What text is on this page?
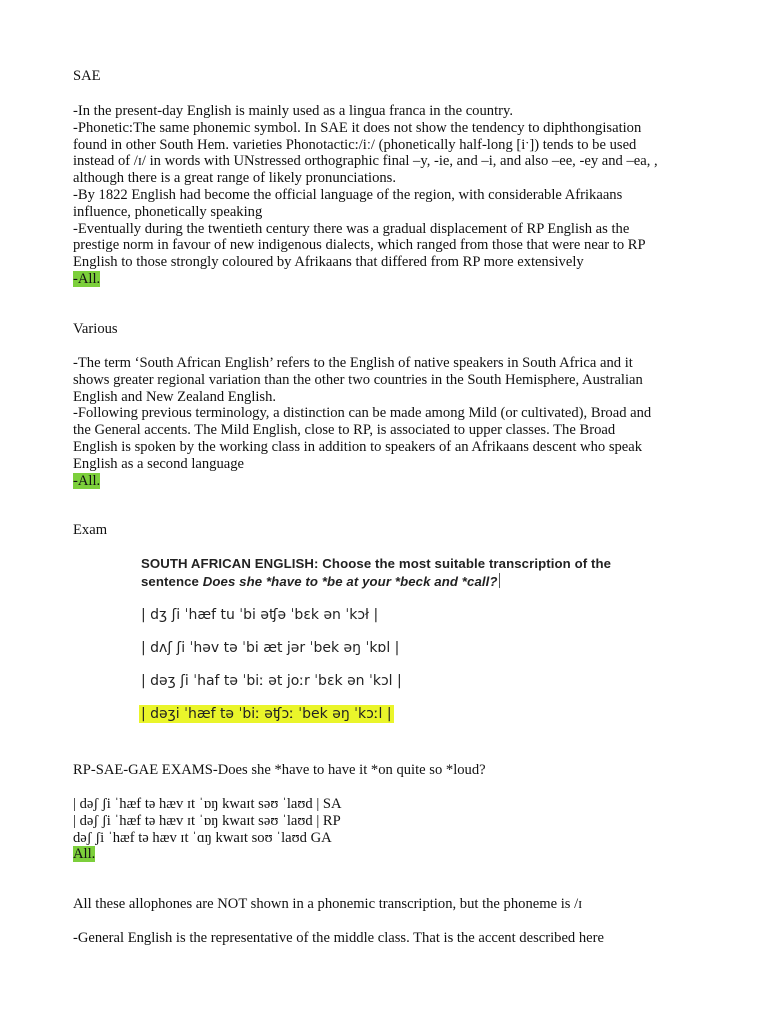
SAE

-In the present-day English is mainly used as a lingua franca in the country.

-Phonetic:The same phonemic symbol. In SAE it does not show the tendency to diphthongisation

found in other South Hem. varieties Phonotactic:/iː/ (phonetically half-long [iˑ]) tends to be used

instead of /ɪ/ in words with UNstressed orthographic final –y, -ie, and –i, and also –ee, -ey and –ea, ,

although there is a great range of likely pronunciations.

-By 1822 English had become the official language of the region, with considerable Afrikaans

influence, phonetically speaking

-Eventually during the twentieth century there was a gradual displacement of RP English as the

prestige norm in favour of new indigenous dialects, which ranged from those that were near to RP

English to those strongly coloured by Afrikaans that differed from RP more extensively

-All.

Various

-The term ‘South African English’ refers to the English of native speakers in South Africa and it

shows greater regional variation than the other two countries in the South Hemisphere, Australian

English and New Zealand English.

-Following previous terminology, a distinction can be made among Mild (or cultivated), Broad and

the General accents. The Mild English, close to RP, is associated to upper classes. The Broad

English is spoken by the working class in addition to speakers of an Afrikaans descent who speak

English as a second language

-All.

Exam

SOUTH AFRICAN ENGLISH: Choose the most suitable transcription of the
sentence Does she *have to *be at your *beck and *call?
| dʒ ʃi ˈhæf tu ˈbi əʧə ˈbɛk ən ˈkɔł |
| dʌʃ ʃi ˈhəv tə ˈbi æt jər ˈbek əŋ ˈkɒl |
| dəʒ ʃi ˈhaf tə ˈbiː ət joːr ˈbɛk ən ˈkɔl |
| dəʒi ˈhæf tə ˈbiː əʧɔː ˈbek əŋ ˈkɔːl |

RP-SAE-GAE EXAMS-Does she *have to have it *on quite so *loud?

| dəʃ ʃi ˈhæf tə hæv ɪt ˈɒŋ kwaɪt səʊ ˈlaʊd | SA

| dəʃ ʃi ˈhæf tə hæv ɪt ˈɒŋ kwaɪt səʊ ˈlaʊd | RP

dəʃ ʃi ˈhæf tə hæv ɪt ˈɑŋ kwaɪt soʊ ˈlaʊd GA

All.

All these allophones are NOT shown in a phonemic transcription, but the phoneme is /ɪ
-General English is the representative of the middle class. That is the accent described here
